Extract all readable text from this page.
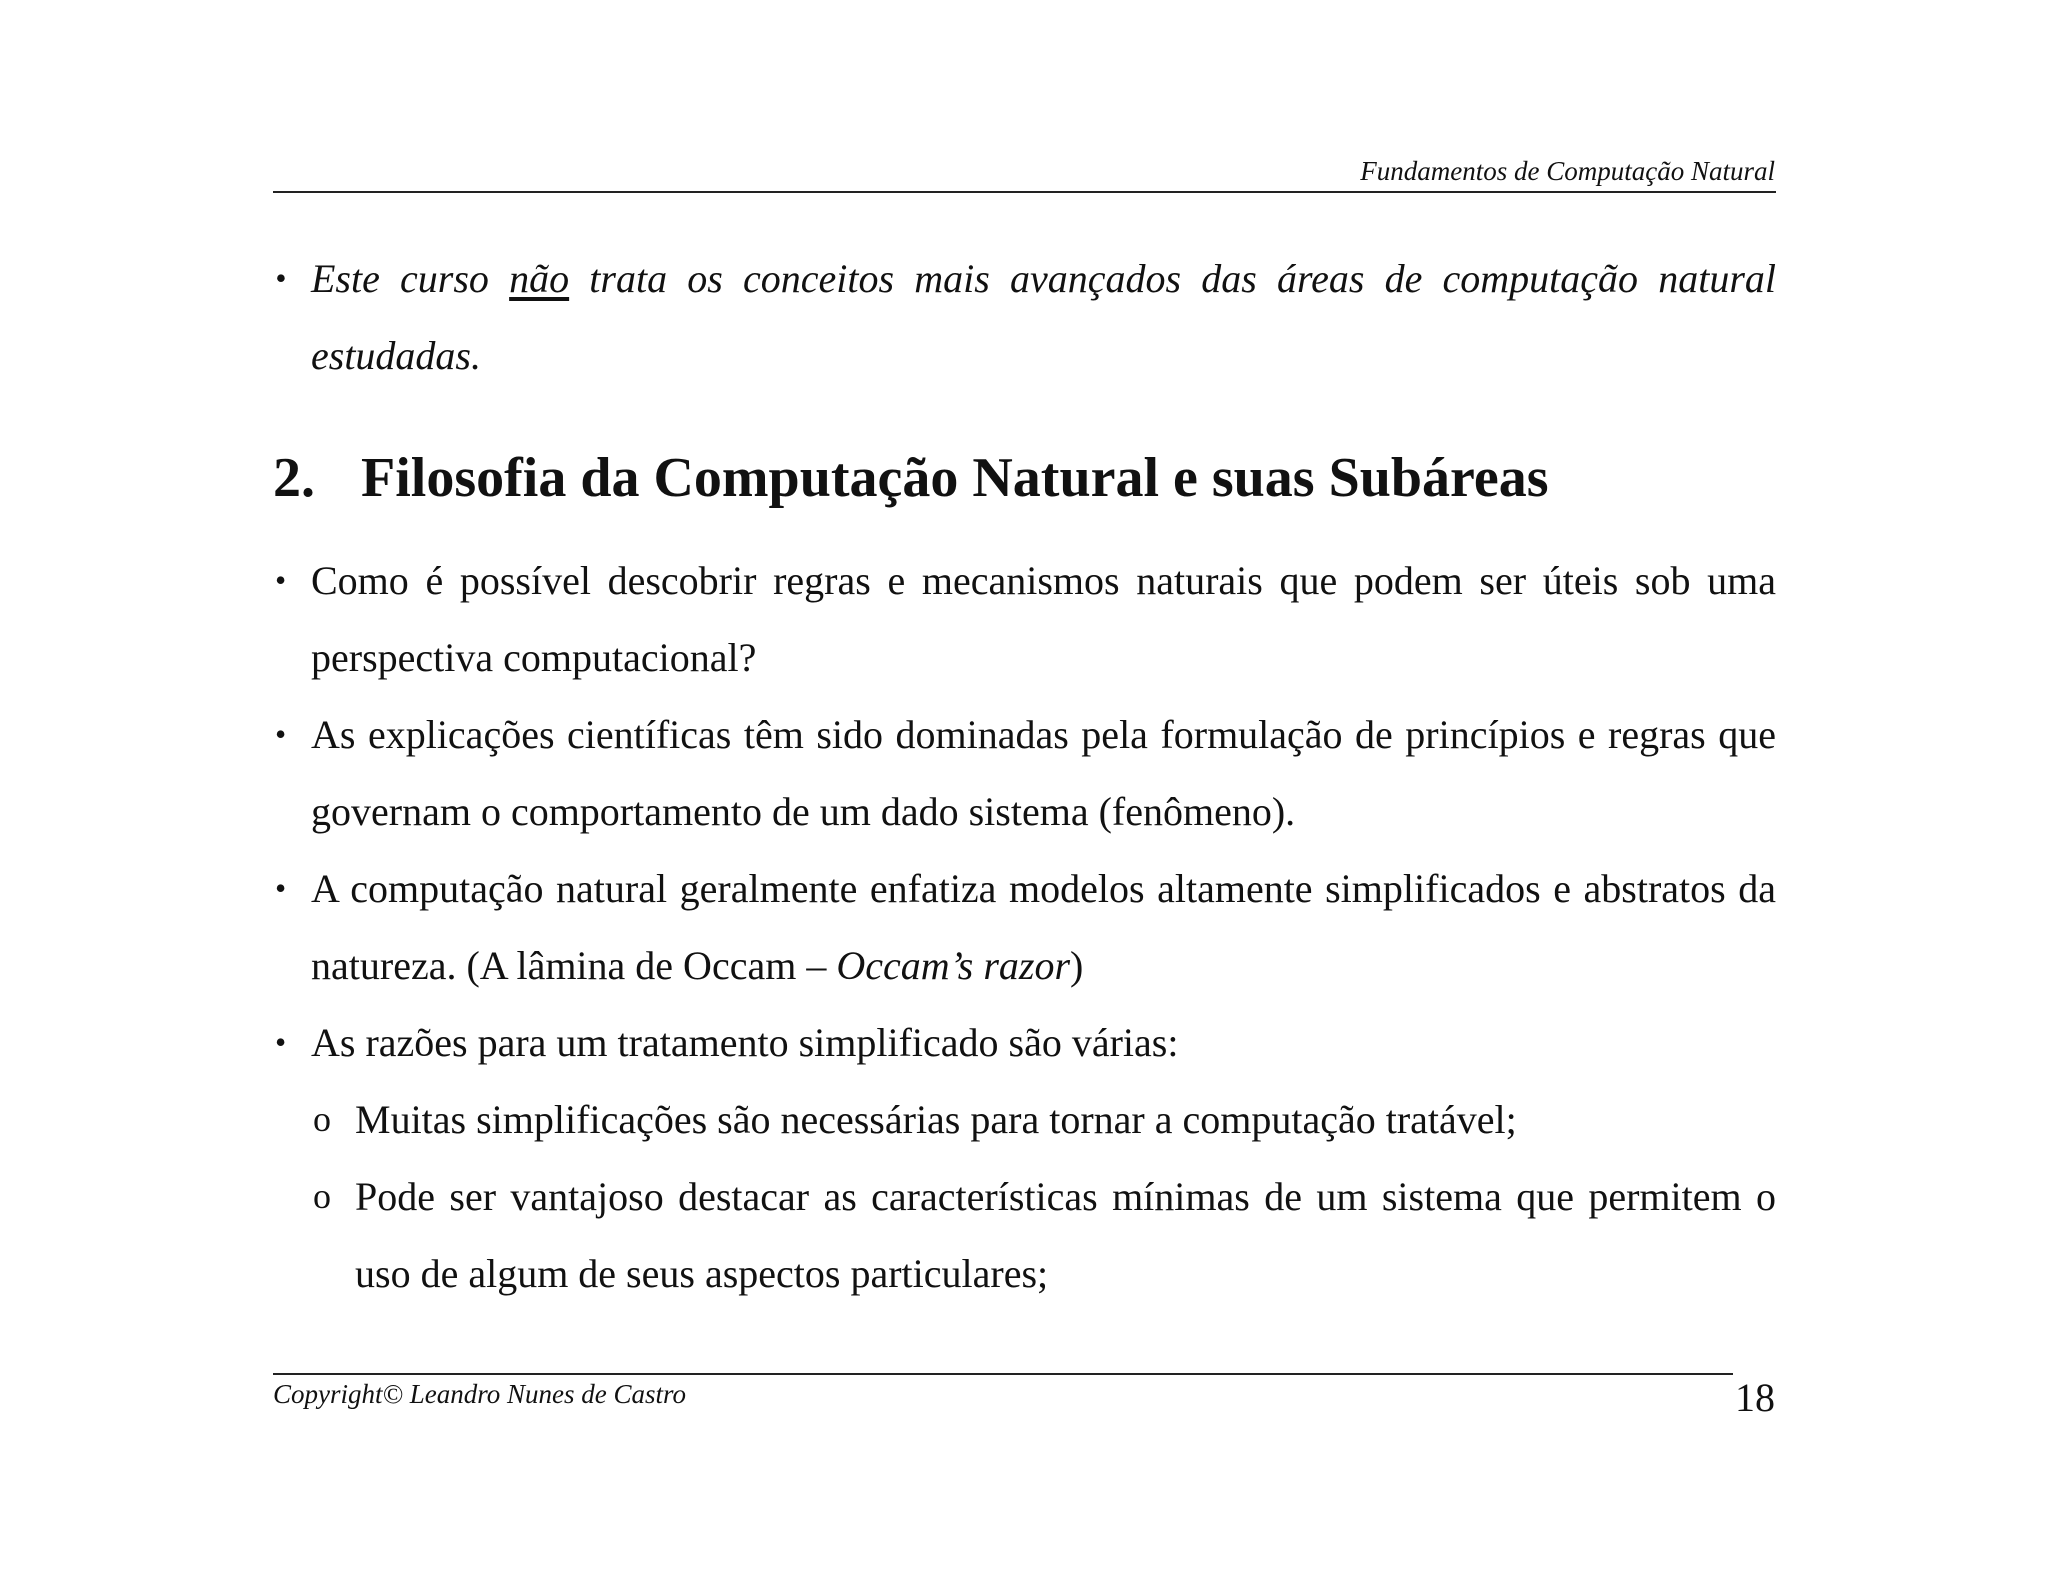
Fundamentos de Computação Natural
• Este curso não trata os conceitos mais avançados das áreas de computação natural estudadas.
2. Filosofia da Computação Natural e suas Subáreas
• Como é possível descobrir regras e mecanismos naturais que podem ser úteis sob uma perspectiva computacional?
• As explicações científicas têm sido dominadas pela formulação de princípios e regras que governam o comportamento de um dado sistema (fenômeno).
• A computação natural geralmente enfatiza modelos altamente simplificados e abstratos da natureza. (A lâmina de Occam – Occam’s razor)
• As razões para um tratamento simplificado são várias:
o Muitas simplificações são necessárias para tornar a computação tratável;
o Pode ser vantajoso destacar as características mínimas de um sistema que permitem o uso de algum de seus aspectos particulares;
Copyright© Leandro Nunes de Castro	18
